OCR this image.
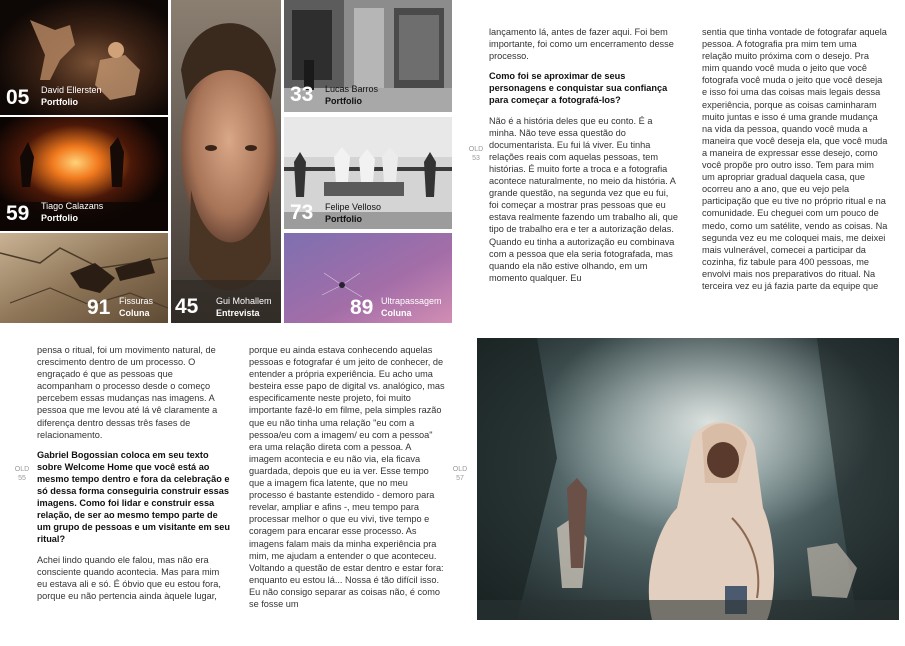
05 David Ellersten
Portfolio
59 Tiago Calazans
Portfolio
91 Fissuras
Coluna 45 Gui Mohallem
Entrevista
33 Lucas Barros
Portfolio
73 Felipe Velloso
Portfolio
89 Ultrapassagem
Coluna
OLD
53
OLD
55
OLD
57

lançamento lá, antes de fazer aqui. Foi bem importante, foi como um encerramento desse processo.

Como foi se aproximar de seus personagens e conquistar sua confiança para começar a fotografá-los?

Não é a história deles que eu conto. É a minha. Não teve essa questão do documentarista. Eu fui lá viver. Eu tinha relações reais com aquelas pessoas, tem histórias. É muito forte a troca e a fotografia acontece naturalmente, no meio da história. A grande questão, na segunda vez que eu fui, foi começar a mostrar pras pessoas que eu estava realmente fazendo um trabalho ali, que tipo de trabalho era e ter a autorização delas. Quando eu tinha a autorização eu combinava com a pessoa que ela seria fotografada, mas quando ela não estive olhando, em um momento qualquer. Eu

sentia que tinha vontade de fotografar aquela pessoa. A fotografia pra mim tem uma relação muito próxima com o desejo. Pra mim quando você muda o jeito que você fotografa você muda o jeito que você deseja e isso foi uma das coisas mais legais dessa experiência, porque as coisas caminharam muito juntas e isso é uma grande mudança na vida da pessoa, quando você muda a maneira que você deseja ela, que você muda a maneira de expressar esse desejo, como você propõe pro outro isso. Tem para mim um apropriar gradual daquela casa, que ocorreu ano a ano, que eu vejo pela participação que eu tive no próprio ritual e na comunidade. Eu cheguei com um pouco de medo, como um satélite, vendo as coisas. Na segunda vez eu me coloquei mais, me deixei mais vulnerável, comecei a participar da cozinha, fiz tabule para 400 pessoas, me envolvi mais nos preparativos do ritual. Na terceira vez eu já fazia parte da equipe que

pensa o ritual, foi um movimento natural, de crescimento dentro de um processo. O engraçado é que as pessoas que acompanham o processo desde o começo percebem essas mudanças nas imagens. A pessoa que me levou até lá vê claramente a diferença dentro dessas três fases de relacionamento.

Gabriel Bogossian coloca em seu texto sobre Welcome Home que você está ao mesmo tempo dentro e fora da celebração e só dessa forma conseguiria construir essas imagens. Como foi lidar e construir essa relação, de ser ao mesmo tempo parte de um grupo de pessoas e um visitante em seu ritual?

Achei lindo quando ele falou, mas não era consciente quando acontecia. Mas para mim eu estava ali e só. É óbvio que eu estou fora, porque eu não pertencia ainda àquele lugar,

porque eu ainda estava conhecendo aquelas pessoas e fotografar é um jeito de conhecer, de entender a própria experiência. Eu acho uma besteira esse papo de digital vs. analógico, mas especificamente neste projeto, foi muito importante fazê-lo em filme, pela simples razão que eu não tinha uma relação "eu com a pessoa/eu com a imagem/ eu com a pessoa" era uma relação direta com a pessoa. A imagem acontecia e eu não via, ela ficava guardada, depois que eu ia ver. Esse tempo que a imagem fica latente, que no meu processo é bastante estendido - demoro para revelar, ampliar e afins -, meu tempo para processar melhor o que eu vivi, tive tempo e coragem para encarar esse processo. As imagens falam mais da minha experiência pra mim, me ajudam a entender o que aconteceu. Voltando a questão de estar dentro e estar fora: enquanto eu estou lá... Nossa é tão difícil isso. Eu não consigo separar as coisas não, é como se fosse um
